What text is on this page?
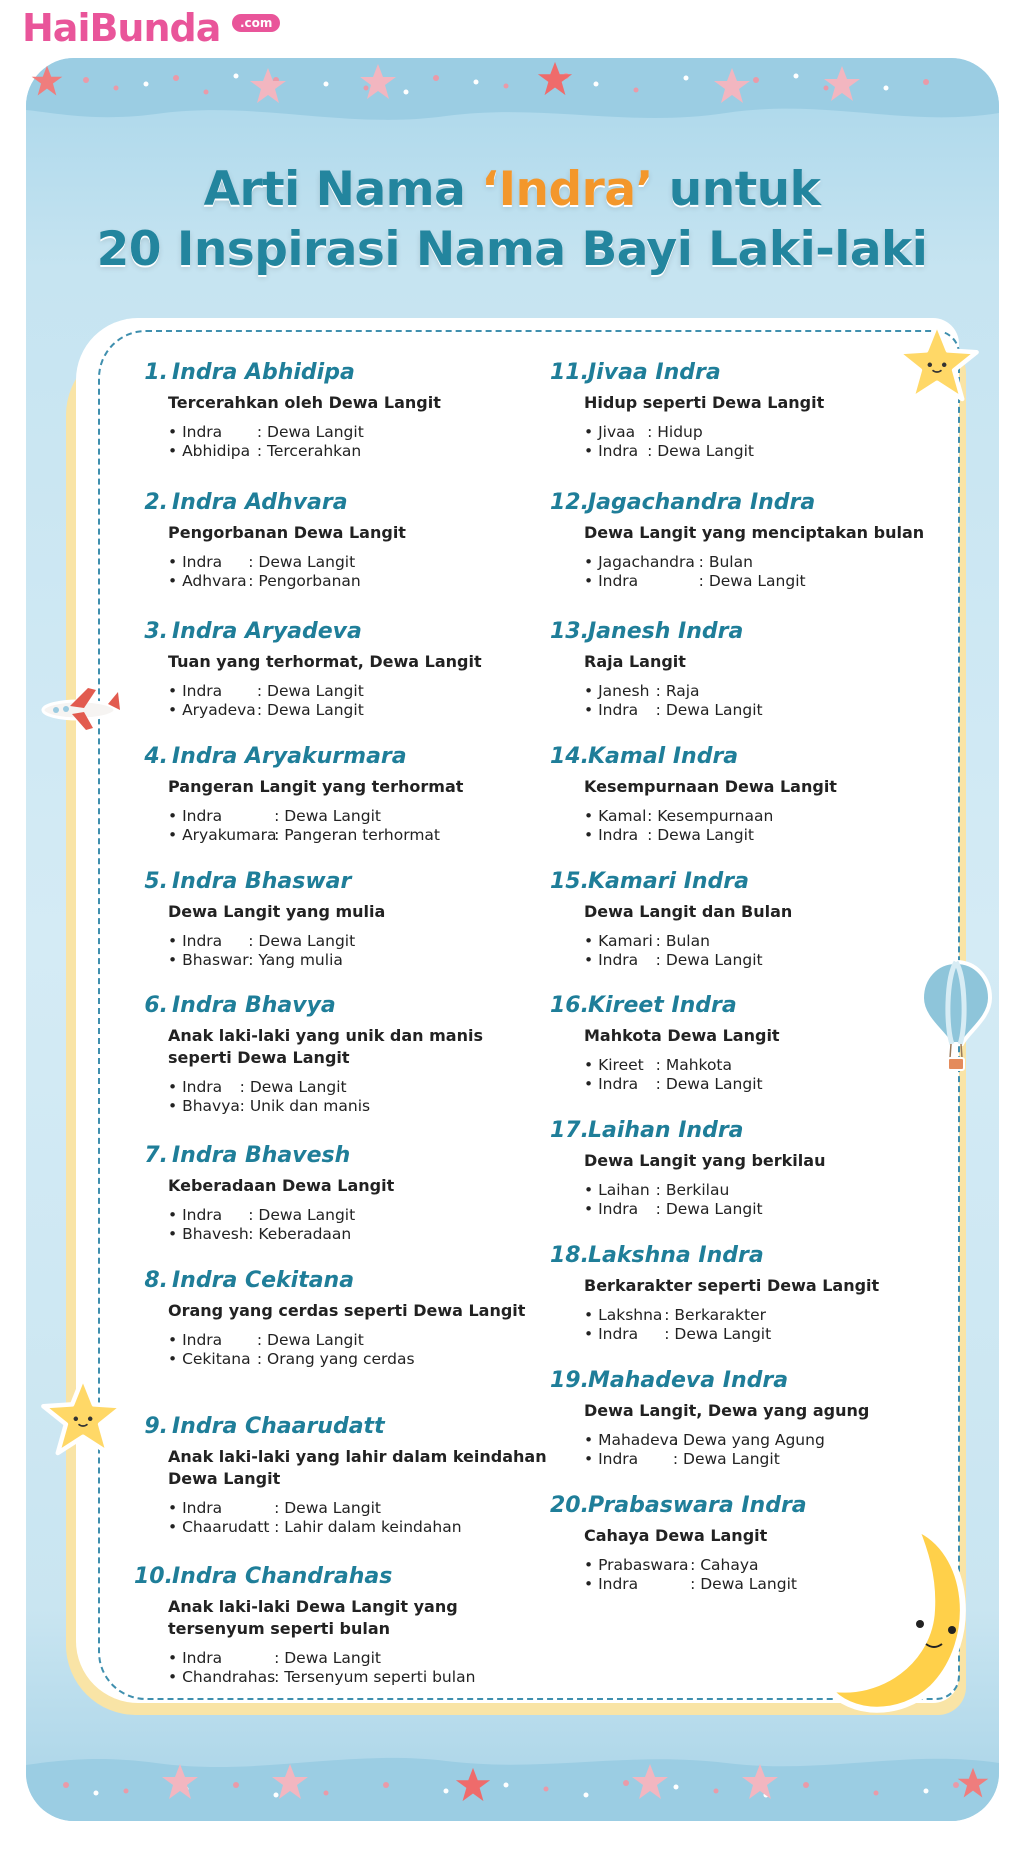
HaiBunda	.com
Arti Nama ‘Indra’ untuk
20 Inspirasi Nama Bayi Laki-laki
1. Indra Abhidipa
Tercerahkan oleh Dewa Langit
• Indra : Dewa Langit
• Abhidipa : Tercerahkan
2. Indra Adhvara
Pengorbanan Dewa Langit
• Indra : Dewa Langit
• Adhvara : Pengorbanan
3. Indra Aryadeva
Tuan yang terhormat, Dewa Langit
• Indra : Dewa Langit
• Aryadeva: Dewa Langit
4. Indra Aryakurmara
Pangeran Langit yang terhormat
• Indra	: Dewa Langit
• Aryakumara: Pangeran terhormat
5. Indra Bhaswar
Dewa Langit yang mulia
• Indra : Dewa Langit
• Bhaswar: Yang mulia
6. Indra Bhavya
Anak laki-laki yang unik dan manis
seperti Dewa Langit
• Indra : Dewa Langit
• Bhavya: Unik dan manis
7. Indra Bhavesh
Keberadaan Dewa Langit
• Indra : Dewa Langit
• Bhavesh: Keberadaan
8. Indra Cekitana
Orang yang cerdas seperti Dewa Langit
• Indra : Dewa Langit
• Cekitana : Orang yang cerdas
9. Indra Chaarudatt
Anak laki-laki yang lahir dalam keindahan
Dewa Langit
• Indra	: Dewa Langit
• Chaarudatt : Lahir dalam keindahan
10.Indra Chandrahas
Anak laki-laki Dewa Langit yang
tersenyum seperti bulan
• Indra	: Dewa Langit
• Chandrahas: Tersenyum seperti bulan
11.Jivaa Indra
Hidup seperti Dewa Langit
• Jivaa : Hidup
• Indra : Dewa Langit
12.Jagachandra Indra
Dewa Langit yang menciptakan bulan
• Jagachandra : Bulan
• Indra	: Dewa Langit
13.Janesh Indra
Raja Langit
• Janesh : Raja
• Indra : Dewa Langit
14.Kamal Indra
Kesempurnaan Dewa Langit
• Kamal: Kesempurnaan
• Indra : Dewa Langit
15.Kamari Indra
Dewa Langit dan Bulan
• Kamari : Bulan
• Indra : Dewa Langit
16.Kireet Indra
Mahkota Dewa Langit
• Kireet : Mahkota
• Indra : Dewa Langit
17.Laihan Indra
Dewa Langit yang berkilau
• Laihan : Berkilau
• Indra : Dewa Langit
18.Lakshna Indra
Berkarakter seperti Dewa Langit
• Lakshna : Berkarakter
• Indra : Dewa Langit
19.Mahadeva Indra
Dewa Langit, Dewa yang agung
• Mahadeva: Dewa yang Agung
• Indra : Dewa Langit
20.Prabaswara Indra
Cahaya Dewa Langit
• Prabaswara : Cahaya
• Indra	: Dewa Langit
